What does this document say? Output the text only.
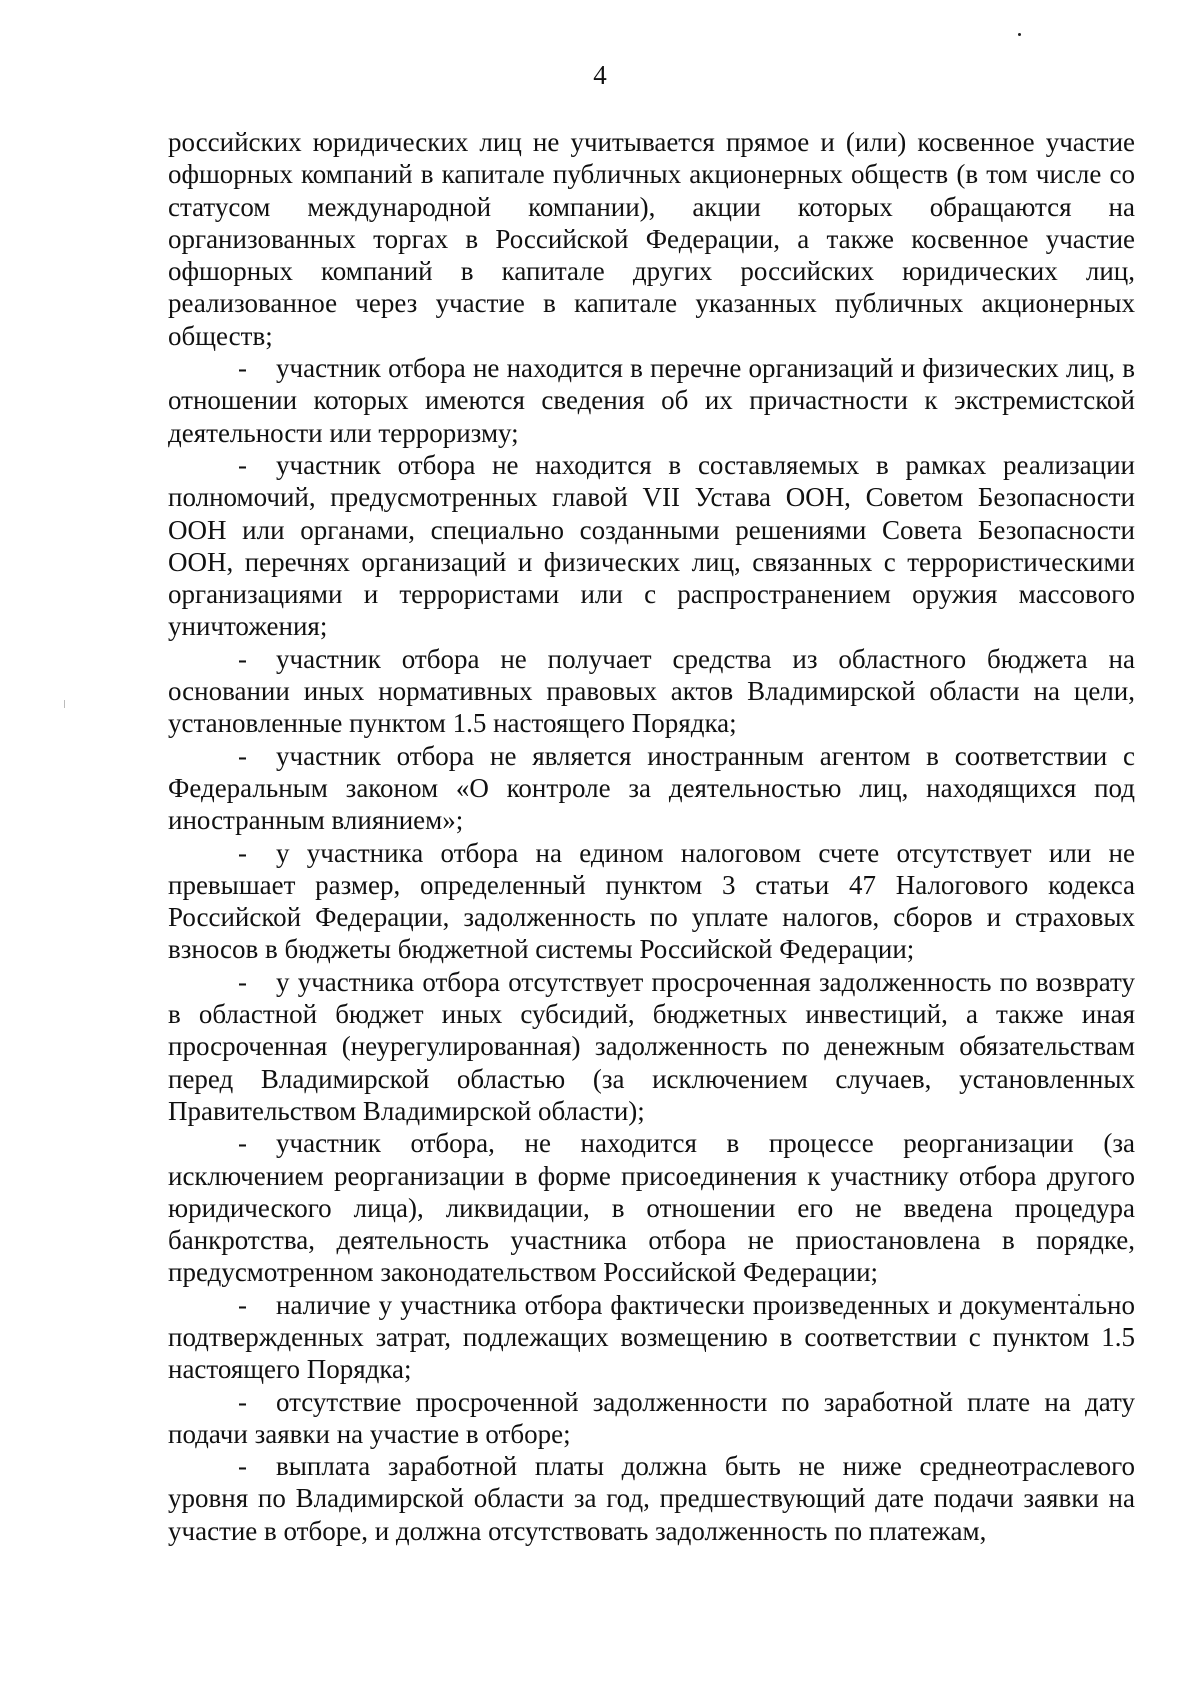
4

российских юридических лиц не учитывается прямое и (или) косвенное участие офшорных компаний в капитале публичных акционерных обществ (в том числе со статусом международной компании), акции которых обращаются на организованных торгах в Российской Федерации, а также косвенное участие офшорных компаний в капитале других российских юридических лиц, реализованное через участие в капитале указанных публичных акционерных обществ;

- участник отбора не находится в перечне организаций и физических лиц, в отношении которых имеются сведения об их причастности к экстремистской деятельности или терроризму;

- участник отбора не находится в составляемых в рамках реализации полномочий, предусмотренных главой VII Устава ООН, Советом Безопасности ООН или органами, специально созданными решениями Совета Безопасности ООН, перечнях организаций и физических лиц, связанных с террористическими организациями и террористами или с распространением оружия массового уничтожения;

- участник отбора не получает средства из областного бюджета на основании иных нормативных правовых актов Владимирской области на цели, установленные пунктом 1.5 настоящего Порядка;

- участник отбора не является иностранным агентом в соответствии с Федеральным законом «О контроле за деятельностью лиц, находящихся под иностранным влиянием»;

- у участника отбора на едином налоговом счете отсутствует или не превышает размер, определенный пунктом 3 статьи 47 Налогового кодекса Российской Федерации, задолженность по уплате налогов, сборов и страховых взносов в бюджеты бюджетной системы Российской Федерации;

- у участника отбора отсутствует просроченная задолженность по возврату в областной бюджет иных субсидий, бюджетных инвестиций, а также иная просроченная (неурегулированная) задолженность по денежным обязательствам перед Владимирской областью (за исключением случаев, установленных Правительством Владимирской области);

- участник отбора, не находится в процессе реорганизации (за исключением реорганизации в форме присоединения к участнику отбора другого юридического лица), ликвидации, в отношении его не введена процедура банкротства, деятельность участника отбора не приостановлена в порядке, предусмотренном законодательством Российской Федерации;

- наличие у участника отбора фактически произведенных и документально подтвержденных затрат, подлежащих возмещению в соответствии с пунктом 1.5 настоящего Порядка;

- отсутствие просроченной задолженности по заработной плате на дату подачи заявки на участие в отборе;

- выплата заработной платы должна быть не ниже среднеотраслевого уровня по Владимирской области за год, предшествующий дате подачи заявки на участие в отборе, и должна отсутствовать задолженность по платежам,
